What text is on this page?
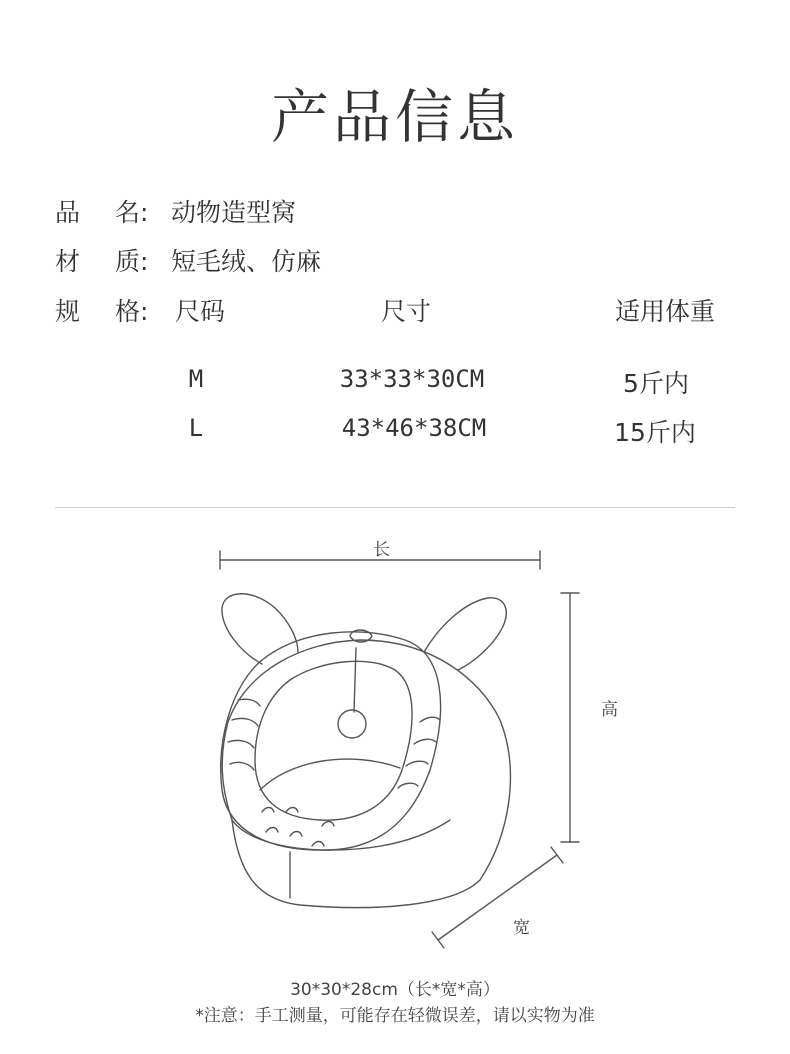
产品信息
品 名: 动物造型窝
材 质: 短毛绒、仿麻
规 格: 尺码	尺寸	适用体重
M	33*33*30CM	5斤内
L	43*46*38CM	15斤内
长
高
宽
30*30*28cm（长*宽*高）
*注意：手工测量，可能存在轻微误差，请以实物为准
